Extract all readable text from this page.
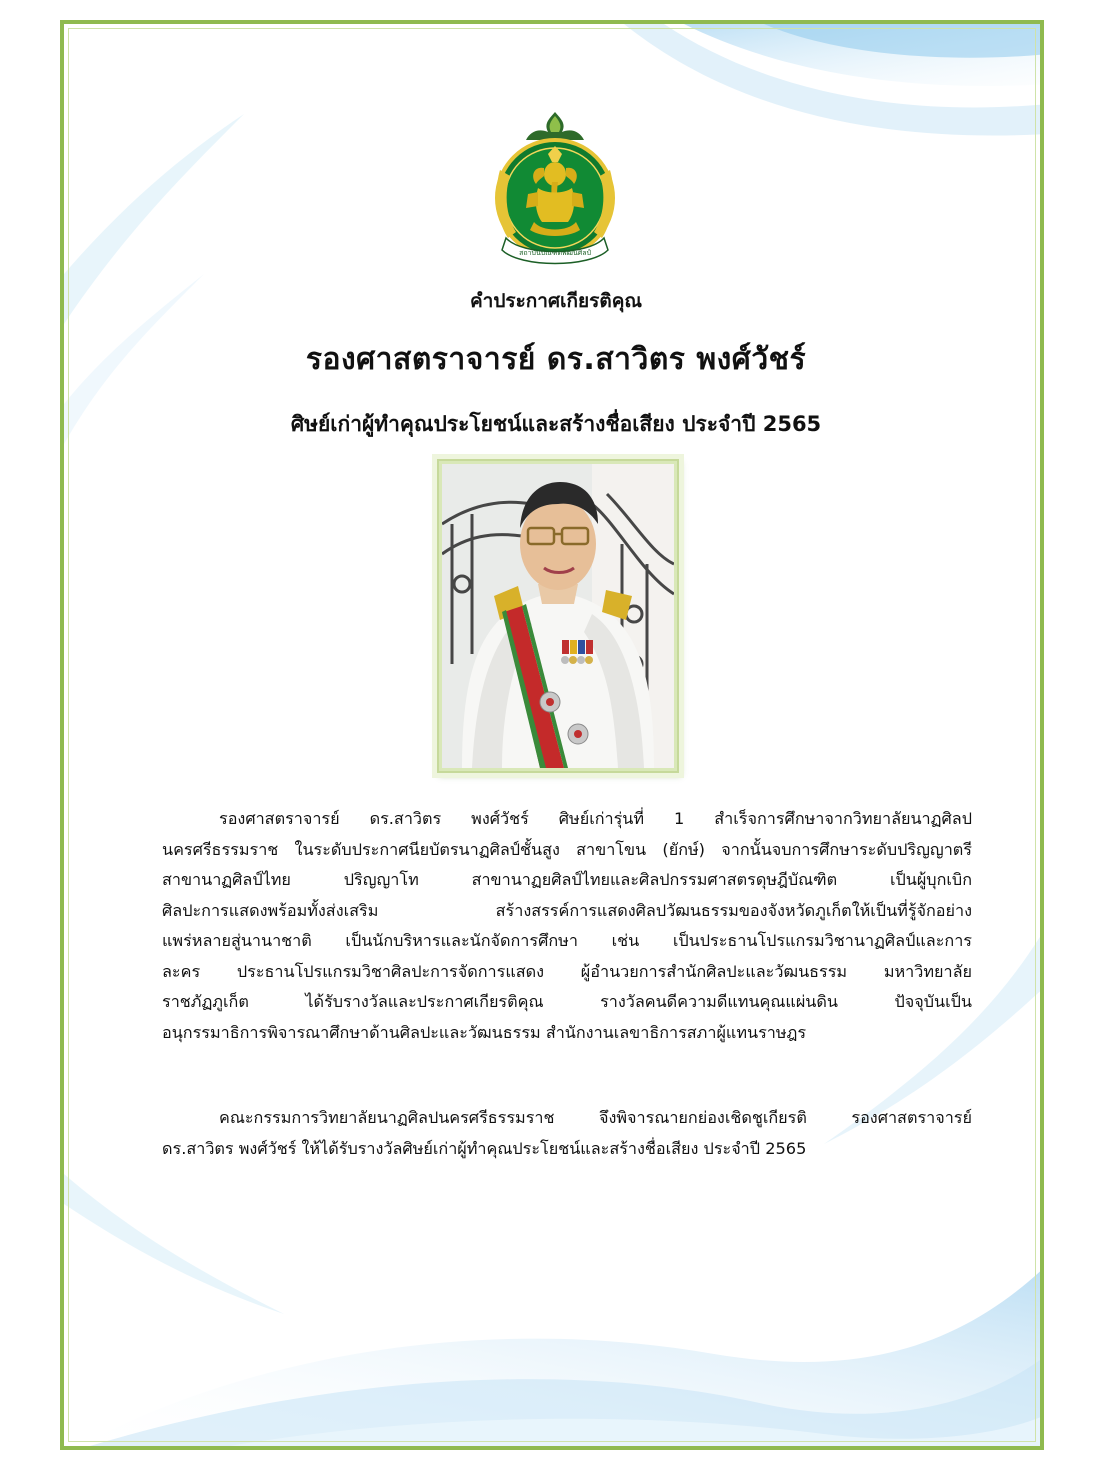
สถาบันบัณฑิตพัฒนศิลป์
คำประกาศเกียรติคุณ
รองศาสตราจารย์ ดร.สาวิตร พงศ์วัชร์
ศิษย์เก่าผู้ทำคุณประโยชน์และสร้างชื่อเสียง ประจำปี 2565
รองศาสตราจารย์ ดร.สาวิตร พงศ์วัชร์ ศิษย์เก่ารุ่นที่ 1 สำเร็จการศึกษาจากวิทยาลัยนาฏศิลป
นครศรีธรรมราช ในระดับประกาศนียบัตรนาฏศิลป์ชั้นสูง สาขาโขน (ยักษ์) จากนั้นจบการศึกษาระดับปริญญาตรี
สาขานาฏศิลป์ไทย ปริญญาโท สาขานาฏยศิลป์ไทยและศิลปกรรมศาสตรดุษฎีบัณฑิต เป็นผู้บุกเบิก
ศิลปะการแสดงพร้อมทั้งส่งเสริม สร้างสรรค์การแสดงศิลปวัฒนธรรมของจังหวัดภูเก็ตให้เป็นที่รู้จักอย่าง
แพร่หลายสู่นานาชาติ เป็นนักบริหารและนักจัดการศึกษา เช่น เป็นประธานโปรแกรมวิชานาฏศิลป์และการ
ละคร ประธานโปรแกรมวิชาศิลปะการจัดการแสดง ผู้อำนวยการสำนักศิลปะและวัฒนธรรม มหาวิทยาลัย
ราชภัฏภูเก็ต ได้รับรางวัลและประกาศเกียรติคุณ รางวัลคนดีความดีแทนคุณแผ่นดิน ปัจจุบันเป็น
อนุกรรมาธิการพิจารณาศึกษาด้านศิลปะและวัฒนธรรม สำนักงานเลขาธิการสภาผู้แทนราษฎร
คณะกรรมการวิทยาลัยนาฏศิลปนครศรีธรรมราช จึงพิจารณายกย่องเชิดชูเกียรติ รองศาสตราจารย์
ดร.สาวิตร พงศ์วัชร์ ให้ได้รับรางวัลศิษย์เก่าผู้ทำคุณประโยชน์และสร้างชื่อเสียง ประจำปี 2565
